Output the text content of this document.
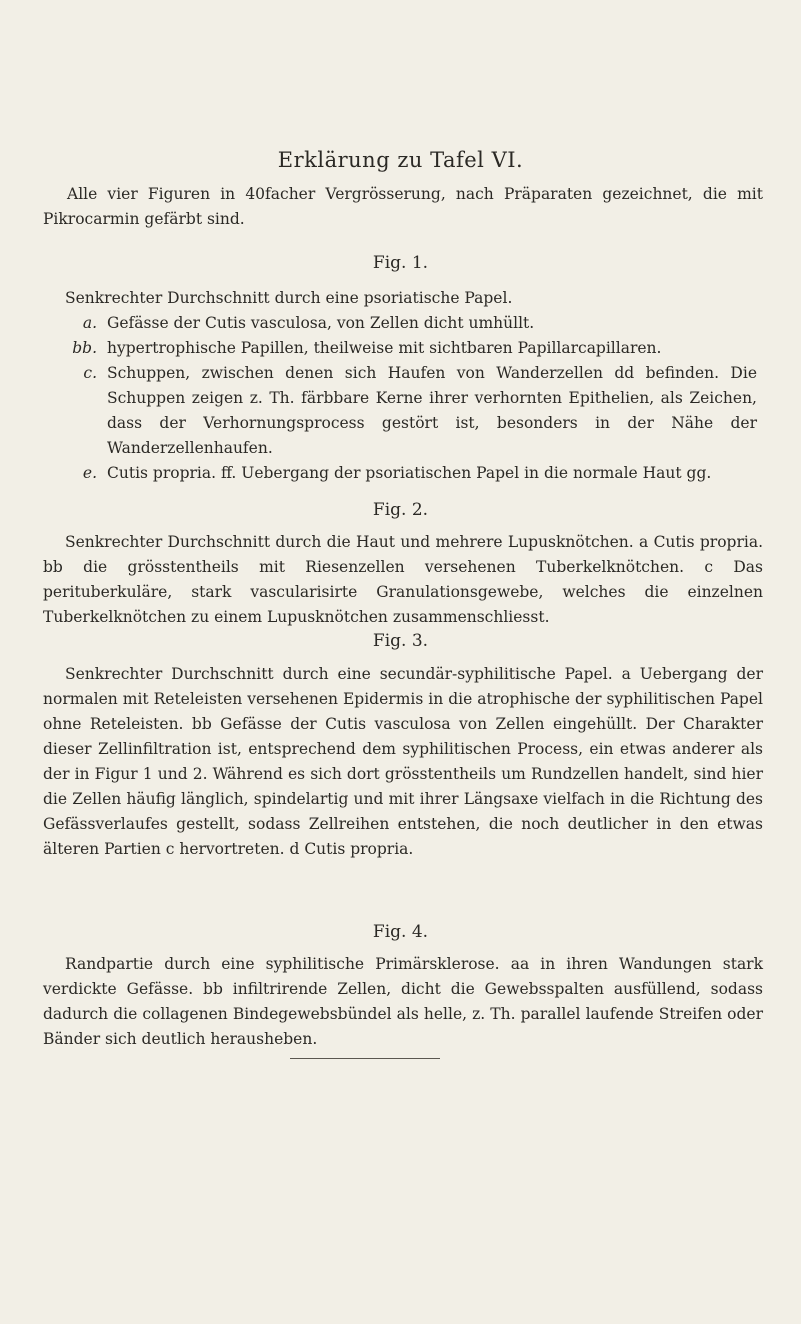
Erklärung zu Tafel VI.
Alle vier Figuren in 40facher Vergrösserung, nach Präparaten gezeichnet, die mit Pikrocarmin gefärbt sind.
Fig. 1.
Senkrechter Durchschnitt durch eine psoriatische Papel.
a. Gefässe der Cutis vasculosa, von Zellen dicht umhüllt.
bb. hypertrophische Papillen, theilweise mit sichtbaren Papillarcapillaren.
c. Schuppen, zwischen denen sich Haufen von Wanderzellen dd befinden. Die Schuppen zeigen z. Th. färbbare Kerne ihrer verhornten Epithelien, als Zeichen, dass der Verhornungsprocess gestört ist, besonders in der Nähe der Wanderzellenhaufen.
e. Cutis propria. ff. Uebergang der psoriatischen Papel in die normale Haut gg.
Fig. 2.
Senkrechter Durchschnitt durch die Haut und mehrere Lupusknötchen. a Cutis propria. bb die grösstentheils mit Riesenzellen versehenen Tuberkelknötchen. c Das perituberkuläre, stark vascularisirte Granulationsgewebe, welches die einzelnen Tuberkelknötchen zu einem Lupusknötchen zusammenschliesst.
Fig. 3.
Senkrechter Durchschnitt durch eine secundär-syphilitische Papel. a Uebergang der normalen mit Reteleisten versehenen Epidermis in die atrophische der syphilitischen Papel ohne Reteleisten. bb Gefässe der Cutis vasculosa von Zellen eingehüllt. Der Charakter dieser Zellinfiltration ist, entsprechend dem syphilitischen Process, ein etwas anderer als der in Figur 1 und 2. Während es sich dort grösstentheils um Rundzellen handelt, sind hier die Zellen häufig länglich, spindelartig und mit ihrer Längsaxe vielfach in die Richtung des Gefässverlaufes gestellt, sodass Zellreihen entstehen, die noch deutlicher in den etwas älteren Partien c hervortreten. d Cutis propria.
Fig. 4.
Randpartie durch eine syphilitische Primärsklerose. aa in ihren Wandungen stark verdickte Gefässe. bb infiltrirende Zellen, dicht die Gewebsspalten ausfüllend, sodass dadurch die collagenen Bindegewebsbündel als helle, z. Th. parallel laufende Streifen oder Bänder sich deutlich herausheben.
